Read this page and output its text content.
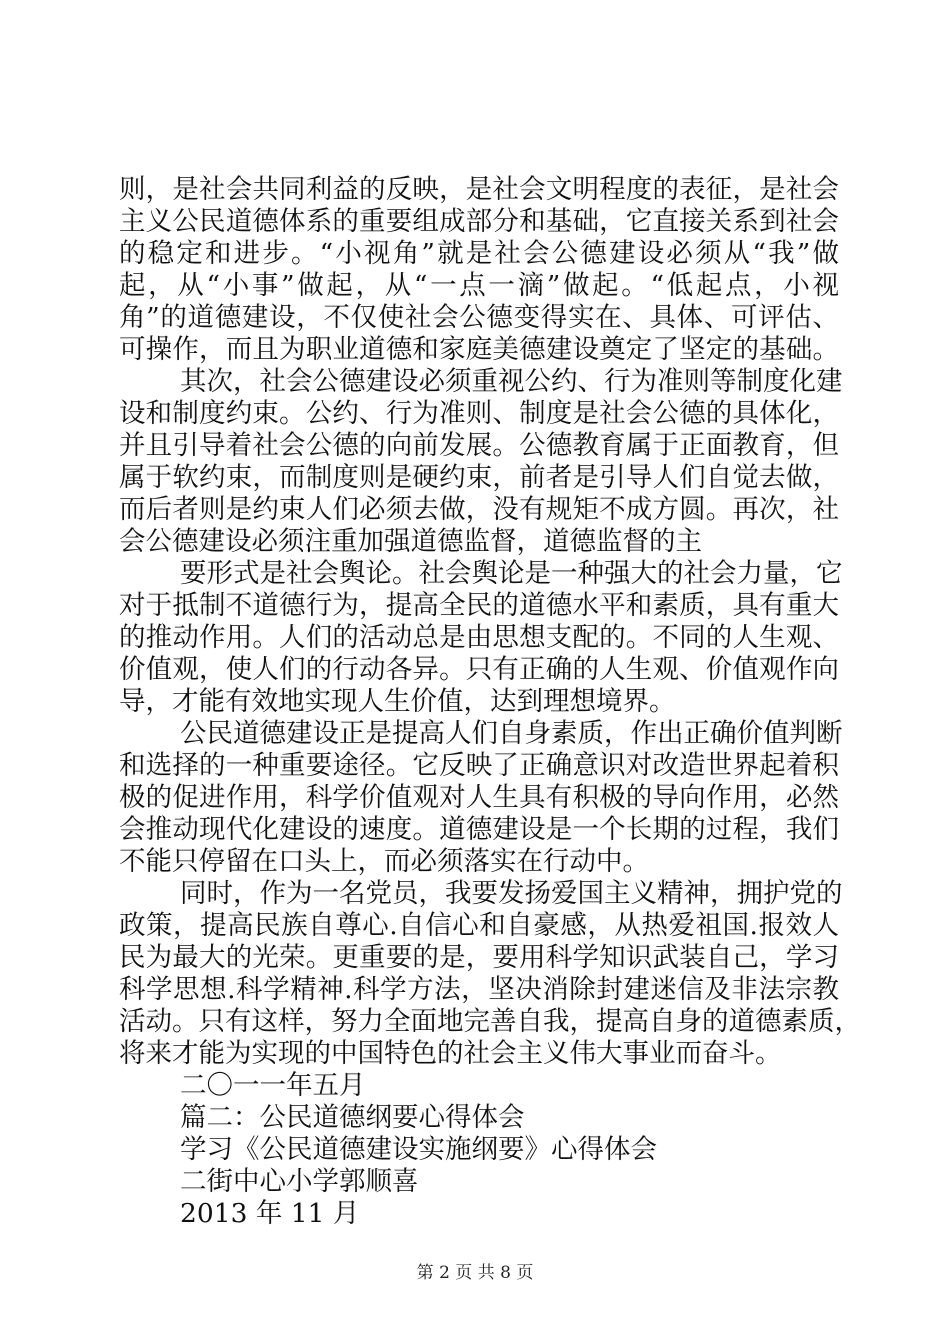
则，是社会共同利益的反映，是社会文明程度的表征，是社会
主义公民道德体系的重要组成部分和基础，它直接关系到社会
的稳定和进步。“小视角”就是社会公德建设必须从“我”做
起，从“小事”做起，从“一点一滴”做起。“低起点，小视
角”的道德建设，不仅使社会公德变得实在、具体、可评估、
可操作，而且为职业道德和家庭美德建设奠定了坚定的基础。
其次，社会公德建设必须重视公约、行为准则等制度化建
设和制度约束。公约、行为准则、制度是社会公德的具体化，
并且引导着社会公德的向前发展。公德教育属于正面教育，但
属于软约束，而制度则是硬约束，前者是引导人们自觉去做，
而后者则是约束人们必须去做，没有规矩不成方圆。再次，社
会公德建设必须注重加强道德监督，道德监督的主
要形式是社会舆论。社会舆论是一种强大的社会力量，它
对于抵制不道德行为，提高全民的道德水平和素质，具有重大
的推动作用。人们的活动总是由思想支配的。不同的人生观、
价值观，使人们的行动各异。只有正确的人生观、价值观作向
导，才能有效地实现人生价值，达到理想境界。
公民道德建设正是提高人们自身素质，作出正确价值判断
和选择的一种重要途径。它反映了正确意识对改造世界起着积
极的促进作用，科学价值观对人生具有积极的导向作用，必然
会推动现代化建设的速度。道德建设是一个长期的过程，我们
不能只停留在口头上，而必须落实在行动中。
同时，作为一名党员，我要发扬爱国主义精神，拥护党的
政策，提高民族自尊心.自信心和自豪感，从热爱祖国.报效人
民为最大的光荣。更重要的是，要用科学知识武装自己，学习
科学思想.科学精神.科学方法，坚决消除封建迷信及非法宗教
活动。只有这样，努力全面地完善自我，提高自身的道德素质，
将来才能为实现的中国特色的社会主义伟大事业而奋斗。
二〇一一年五月
篇二：公民道德纲要心得体会
学习《公民道德建设实施纲要》心得体会
二街中心小学郭顺喜
2013 年 11 月
第 2 页 共 8 页
